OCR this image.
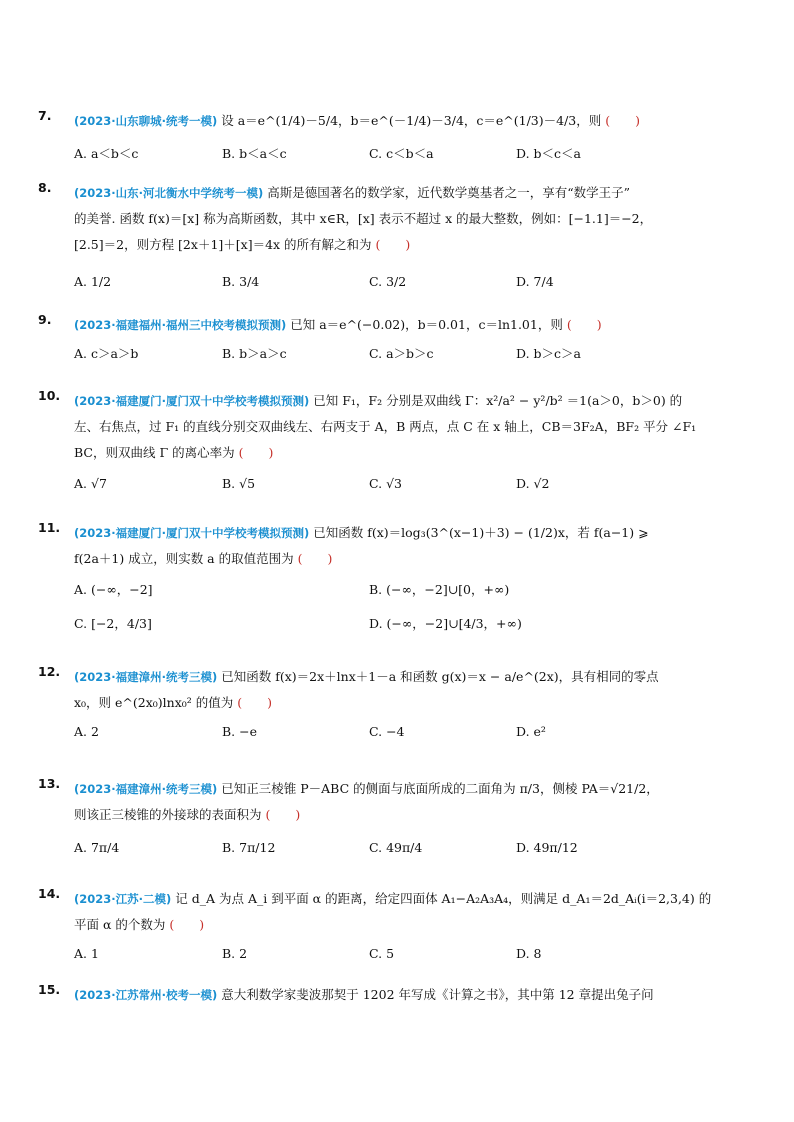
7. (2023·山东聊城·统考一模) 设 a＝e^(1/4)－5/4，b＝e^(－1/4)－3/4，c＝e^(1/3)－4/3，则 (　　)
A. a＜b＜c	B. b＜a＜c	C. c＜b＜a	D. b＜c＜a
8. (2023·山东·河北衡水中学统考一模) 高斯是德国著名的数学家，近代数学奠基者之一，享有“数学王子”
的美誉. 函数 f(x)＝[x] 称为高斯函数，其中 x∈R，[x] 表示不超过 x 的最大整数，例如：[−1.1]＝−2，
[2.5]＝2，则方程 [2x＋1]＋[x]＝4x 的所有解之和为 (　　)
A. 1/2	B. 3/4	C. 3/2	D. 7/4
9. (2023·福建福州·福州三中校考模拟预测) 已知 a＝e^(−0.02)，b＝0.01，c＝ln1.01，则 (　　)
A. c＞a＞b	B. b＞a＞c	C. a＞b＞c	D. b＞c＞a
10. (2023·福建厦门·厦门双十中学校考模拟预测) 已知 F₁，F₂ 分别是双曲线 Γ：x²/a² − y²/b² ＝1(a＞0，b＞0) 的
左、右焦点，过 F₁ 的直线分别交双曲线左、右两支于 A，B 两点，点 C 在 x 轴上，CB＝3F₂A，BF₂ 平分 ∠F₁
BC，则双曲线 Γ 的离心率为 (　　)
A. √7	B. √5	C. √3	D. √2
11. (2023·福建厦门·厦门双十中学校考模拟预测) 已知函数 f(x)＝log₃(3^(x−1)＋3) − (1/2)x，若 f(a−1) ⩾
f(2a＋1) 成立，则实数 a 的取值范围为 (　　)
A. (−∞，−2]	B. (−∞，−2]∪[0，+∞)
C. [−2，4/3]	D. (−∞，−2]∪[4/3，+∞)
12. (2023·福建漳州·统考三模) 已知函数 f(x)＝2x＋lnx＋1－a 和函数 g(x)＝x − a/e^(2x)，具有相同的零点
x₀，则 e^(2x₀)lnx₀² 的值为 (　　)
A. 2	B. −e	C. −4	D. e²
13. (2023·福建漳州·统考三模) 已知正三棱锥 P－ABC 的侧面与底面所成的二面角为 π/3，侧棱 PA＝√21/2，
则该正三棱锥的外接球的表面积为 (　　)
A. 7π/4	B. 7π/12	C. 49π/4	D. 49π/12
14. (2023·江苏·二模) 记 d_A 为点 A_i 到平面 α 的距离，给定四面体 A₁−A₂A₃A₄，则满足 d_A₁＝2d_Aᵢ(i＝2,3,4) 的
平面 α 的个数为 (　　)
A. 1	B. 2	C. 5	D. 8
15. (2023·江苏常州·校考一模) 意大利数学家斐波那契于 1202 年写成《计算之书》，其中第 12 章提出兔子问
